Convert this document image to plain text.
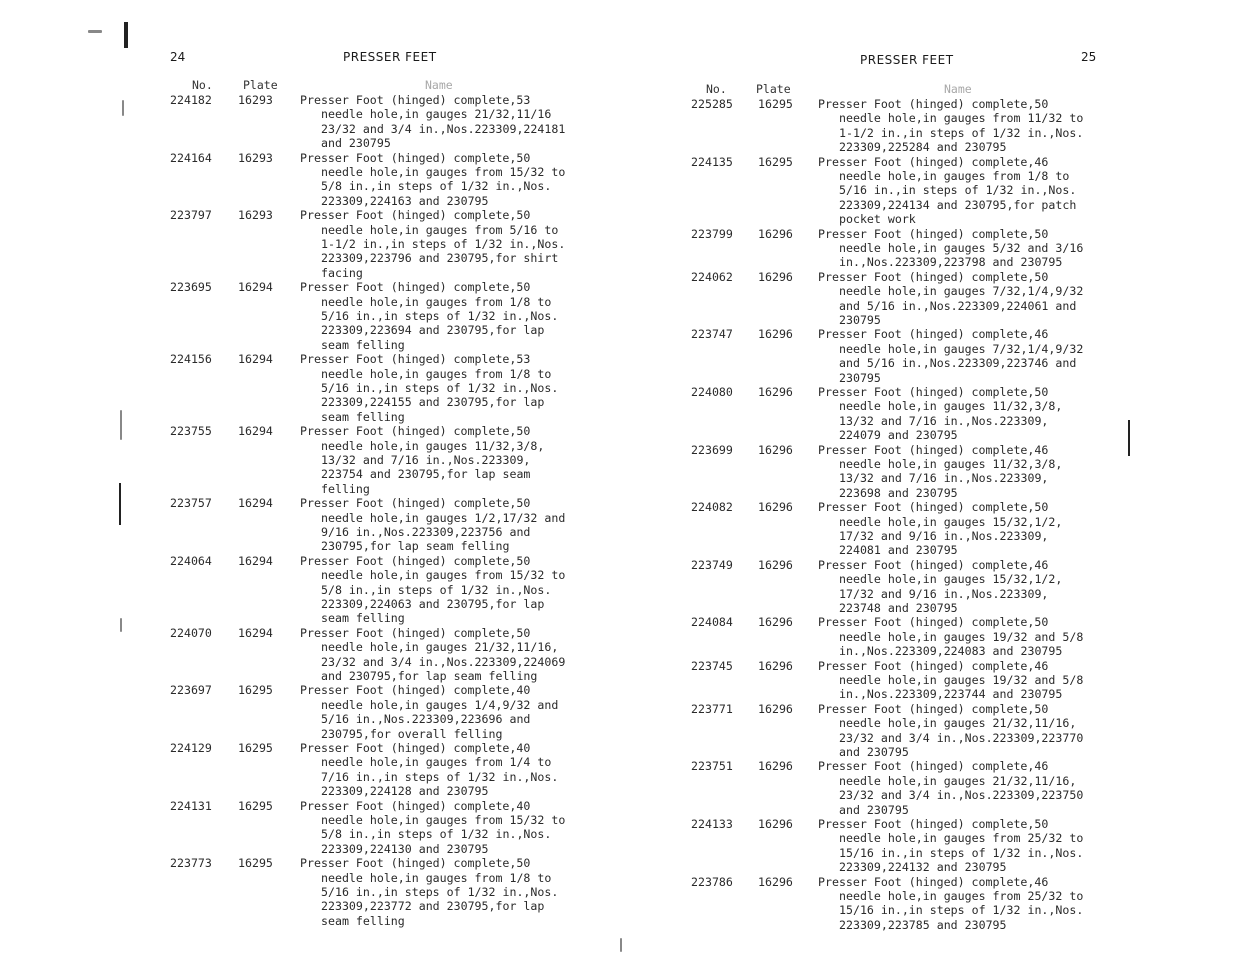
24	PRESSER FEET
No.	Plate	Name
224182 16293 Presser Foot (hinged) complete,53
needle hole,in gauges 21/32,11/16
23/32 and 3/4 in.,Nos.223309,224181
and 230795
224164 16293 Presser Foot (hinged) complete,50
needle hole,in gauges from 15/32 to
5/8 in.,in steps of 1/32 in.,Nos.
223309,224163 and 230795
223797 16293 Presser Foot (hinged) complete,50
needle hole,in gauges from 5/16 to
1-1/2 in.,in steps of 1/32 in.,Nos.
223309,223796 and 230795,for shirt
facing
223695 16294 Presser Foot (hinged) complete,50
needle hole,in gauges from 1/8 to
5/16 in.,in steps of 1/32 in.,Nos.
223309,223694 and 230795,for lap
seam felling
224156 16294 Presser Foot (hinged) complete,53
needle hole,in gauges from 1/8 to
5/16 in.,in steps of 1/32 in.,Nos.
223309,224155 and 230795,for lap
seam felling
223755 16294 Presser Foot (hinged) complete,50
needle hole,in gauges 11/32,3/8,
13/32 and 7/16 in.,Nos.223309,
223754 and 230795,for lap seam
felling
223757 16294 Presser Foot (hinged) complete,50
needle hole,in gauges 1/2,17/32 and
9/16 in.,Nos.223309,223756 and
230795,for lap seam felling
224064 16294 Presser Foot (hinged) complete,50
needle hole,in gauges from 15/32 to
5/8 in.,in steps of 1/32 in.,Nos.
223309,224063 and 230795,for lap
seam felling
224070 16294 Presser Foot (hinged) complete,50
needle hole,in gauges 21/32,11/16,
23/32 and 3/4 in.,Nos.223309,224069
and 230795,for lap seam felling
223697 16295 Presser Foot (hinged) complete,40
needle hole,in gauges 1/4,9/32 and
5/16 in.,Nos.223309,223696 and
230795,for overall felling
224129 16295 Presser Foot (hinged) complete,40
needle hole,in gauges from 1/4 to
7/16 in.,in steps of 1/32 in.,Nos.
223309,224128 and 230795
224131 16295 Presser Foot (hinged) complete,40
needle hole,in gauges from 15/32 to
5/8 in.,in steps of 1/32 in.,Nos.
223309,224130 and 230795
223773 16295 Presser Foot (hinged) complete,50
needle hole,in gauges from 1/8 to
5/16 in.,in steps of 1/32 in.,Nos.
223309,223772 and 230795,for lap
seam felling
PRESSER FEET	25
No.	Plate	Name
225285 16295 Presser Foot (hinged) complete,50
needle hole,in gauges from 11/32 to
1-1/2 in.,in steps of 1/32 in.,Nos.
223309,225284 and 230795
224135 16295 Presser Foot (hinged) complete,46
needle hole,in gauges from 1/8 to
5/16 in.,in steps of 1/32 in.,Nos.
223309,224134 and 230795,for patch
pocket work
223799 16296 Presser Foot (hinged) complete,50
needle hole,in gauges 5/32 and 3/16
in.,Nos.223309,223798 and 230795
224062 16296 Presser Foot (hinged) complete,50
needle hole,in gauges 7/32,1/4,9/32
and 5/16 in.,Nos.223309,224061 and
230795
223747 16296 Presser Foot (hinged) complete,46
needle hole,in gauges 7/32,1/4,9/32
and 5/16 in.,Nos.223309,223746 and
230795
224080 16296 Presser Foot (hinged) complete,50
needle hole,in gauges 11/32,3/8,
13/32 and 7/16 in.,Nos.223309,
224079 and 230795
223699 16296 Presser Foot (hinged) complete,46
needle hole,in gauges 11/32,3/8,
13/32 and 7/16 in.,Nos.223309,
223698 and 230795
224082 16296 Presser Foot (hinged) complete,50
needle hole,in gauges 15/32,1/2,
17/32 and 9/16 in.,Nos.223309,
224081 and 230795
223749 16296 Presser Foot (hinged) complete,46
needle hole,in gauges 15/32,1/2,
17/32 and 9/16 in.,Nos.223309,
223748 and 230795
224084 16296 Presser Foot (hinged) complete,50
needle hole,in gauges 19/32 and 5/8
in.,Nos.223309,224083 and 230795
223745 16296 Presser Foot (hinged) complete,46
needle hole,in gauges 19/32 and 5/8
in.,Nos.223309,223744 and 230795
223771 16296 Presser Foot (hinged) complete,50
needle hole,in gauges 21/32,11/16,
23/32 and 3/4 in.,Nos.223309,223770
and 230795
223751 16296 Presser Foot (hinged) complete,46
needle hole,in gauges 21/32,11/16,
23/32 and 3/4 in.,Nos.223309,223750
and 230795
224133 16296 Presser Foot (hinged) complete,50
needle hole,in gauges from 25/32 to
15/16 in.,in steps of 1/32 in.,Nos.
223309,224132 and 230795
223786 16296 Presser Foot (hinged) complete,46
needle hole,in gauges from 25/32 to
15/16 in.,in steps of 1/32 in.,Nos.
223309,223785 and 230795
